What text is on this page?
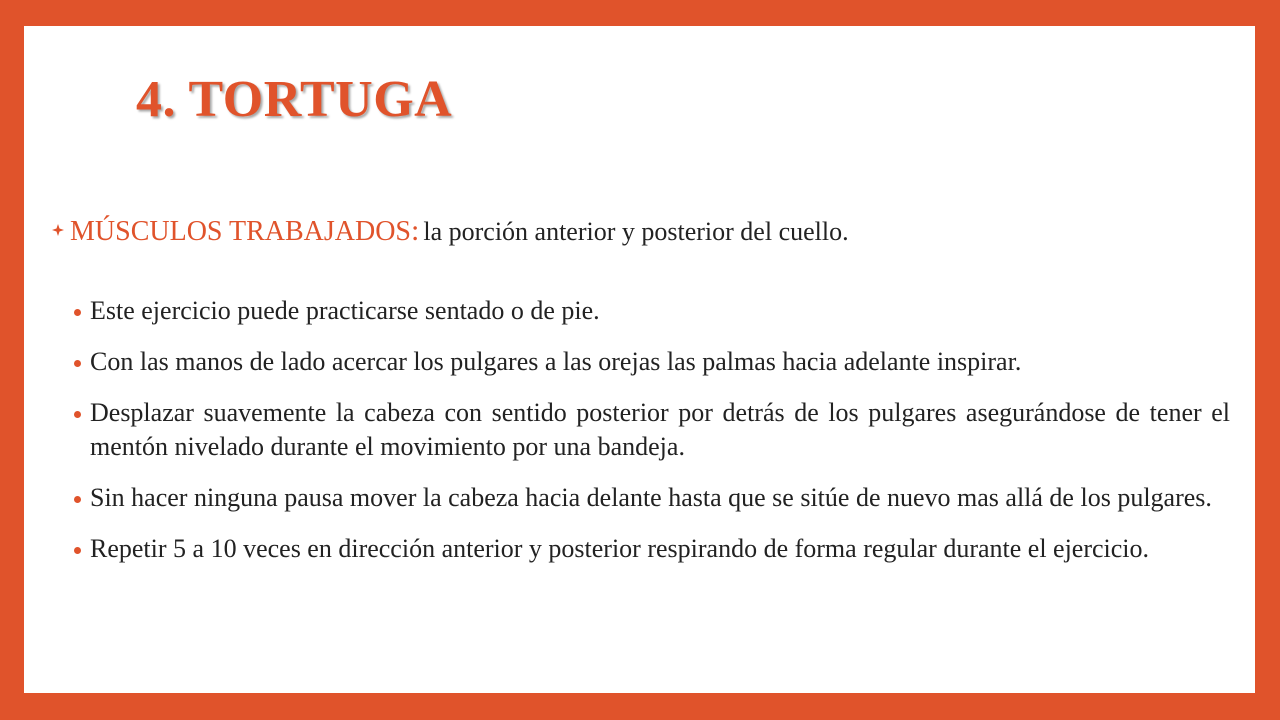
4. TORTUGA
MÚSCULOS TRABAJADOS: la porción anterior y posterior del cuello.
Este ejercicio puede practicarse sentado o de pie.
Con las manos de lado acercar los pulgares a las orejas las palmas hacia adelante inspirar.
Desplazar suavemente la cabeza con sentido posterior por detrás de los pulgares asegurándose de tener el mentón nivelado durante el movimiento por una bandeja.
Sin hacer ninguna pausa mover la cabeza hacia delante hasta que se sitúe de nuevo mas allá de los pulgares.
Repetir 5 a 10 veces en dirección anterior y posterior respirando de forma regular durante el ejercicio.
